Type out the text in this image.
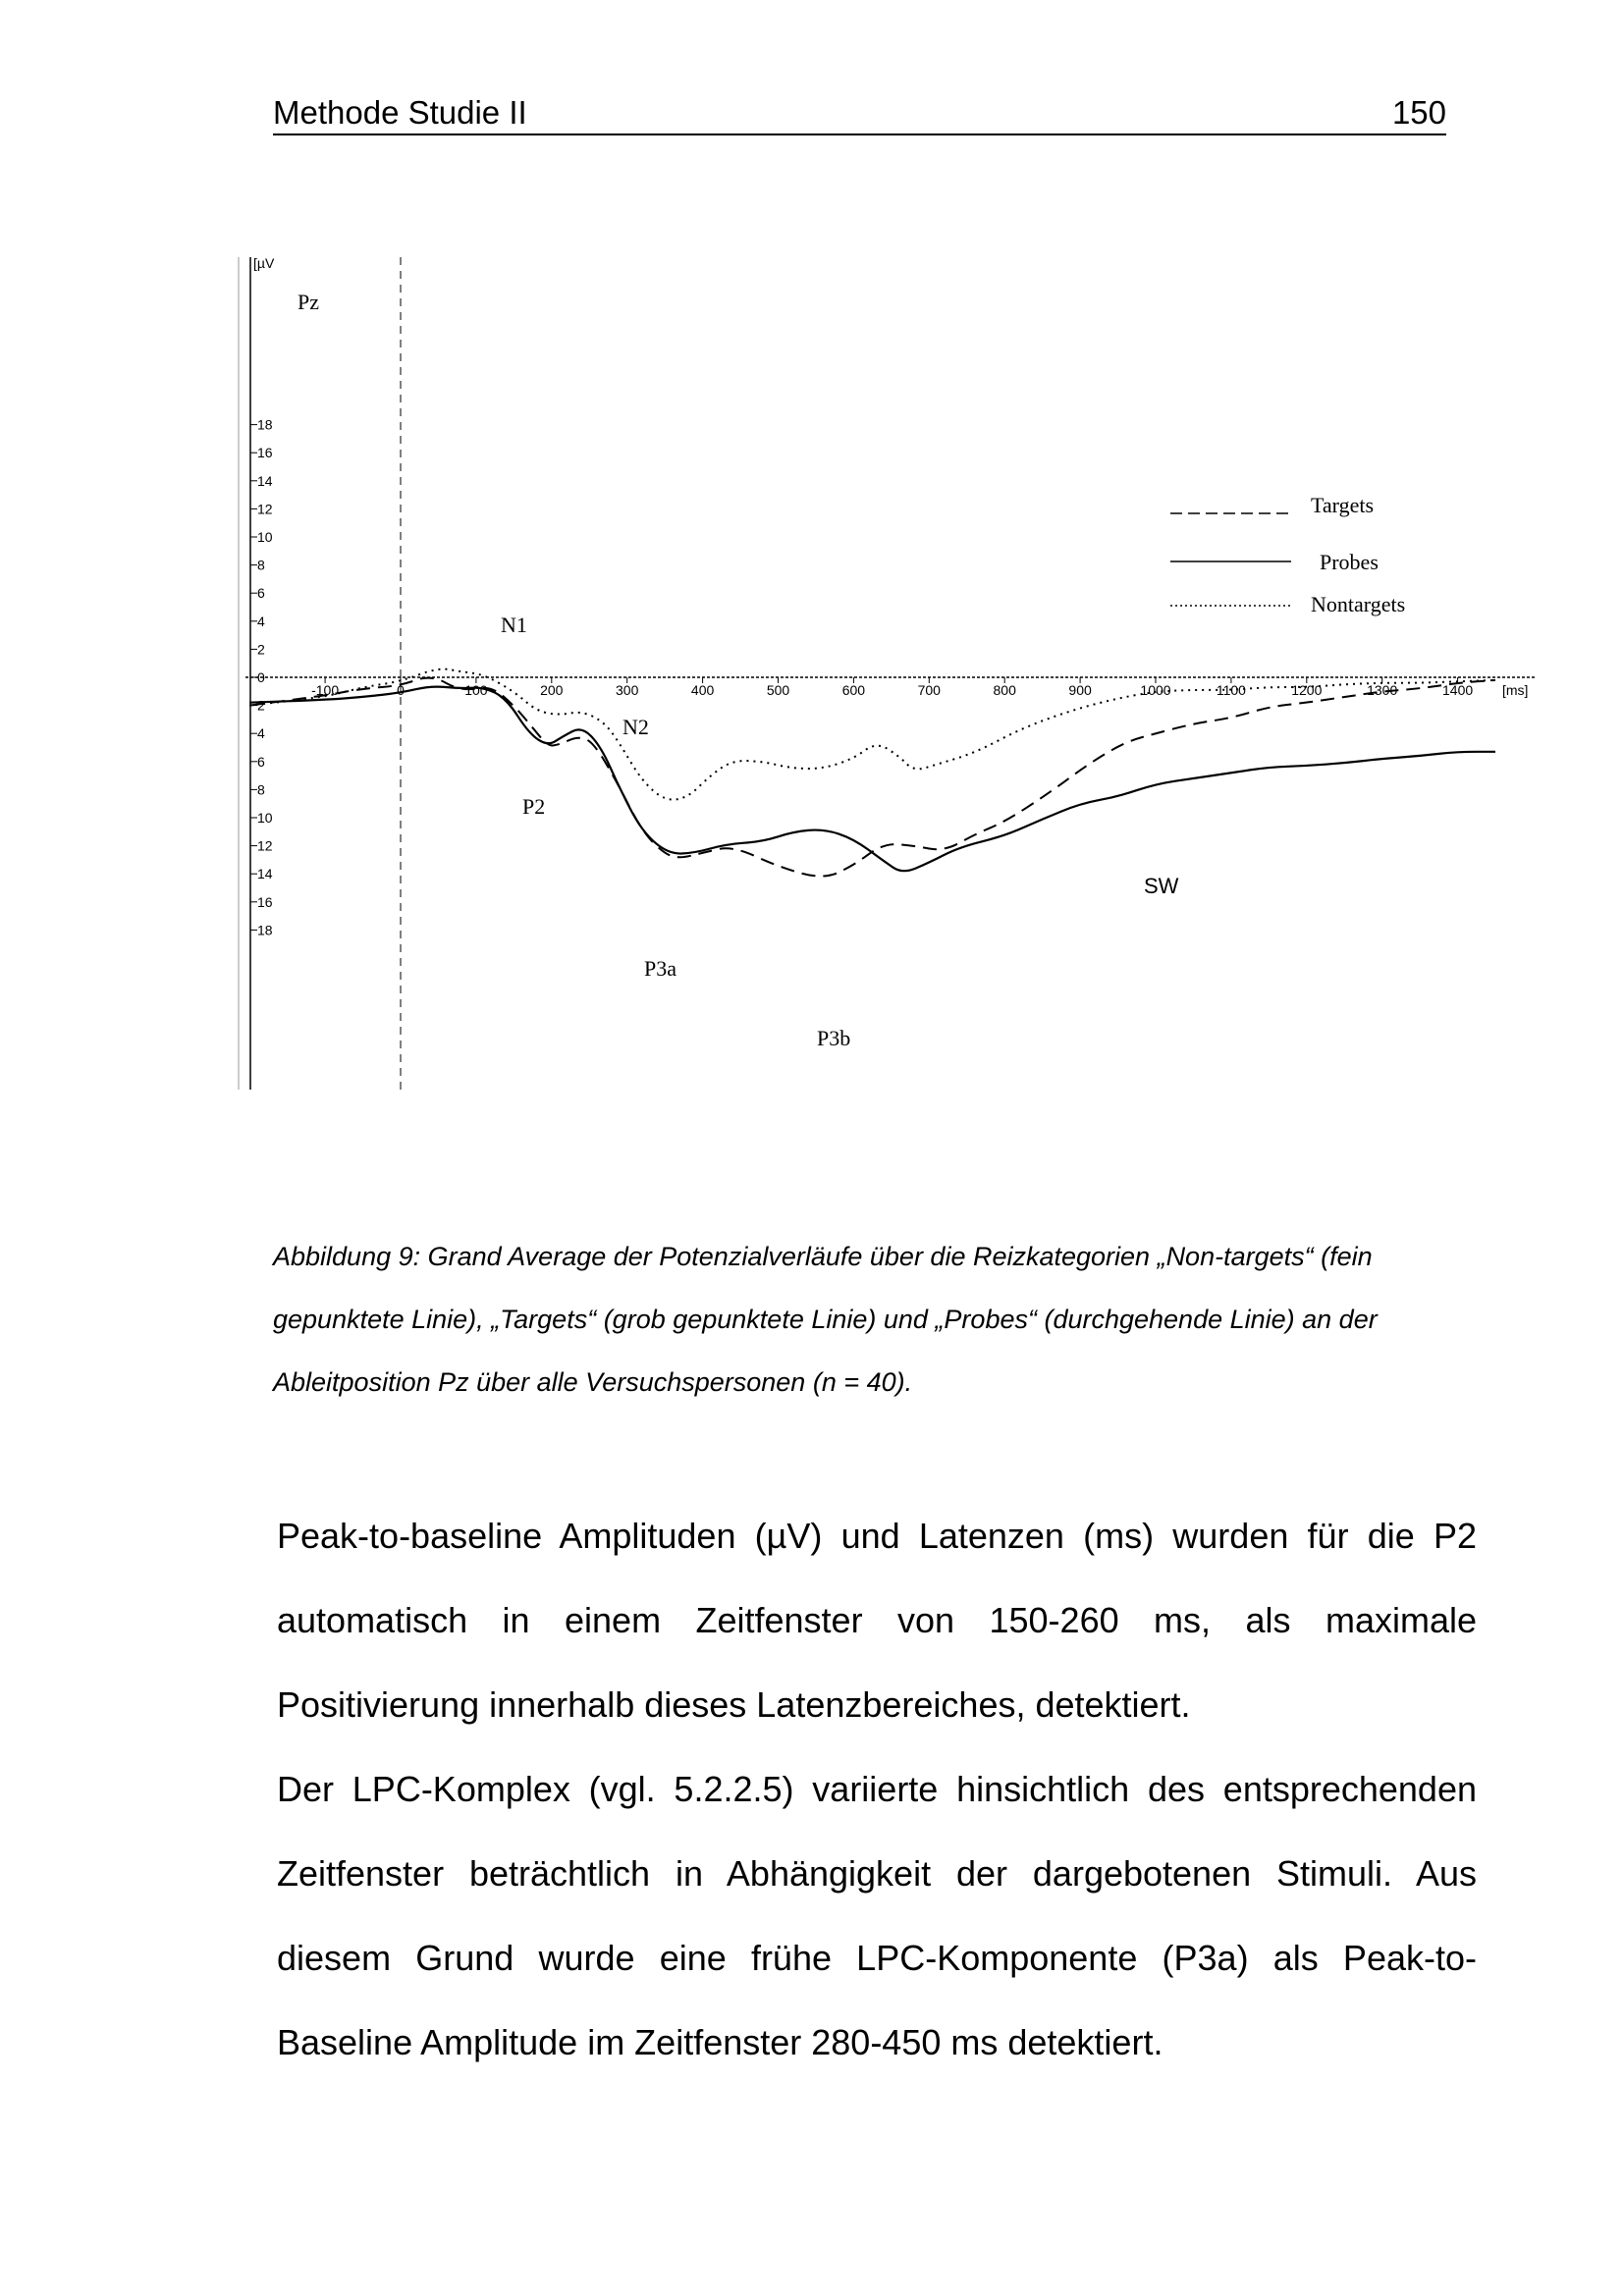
Methode Studie II	150
18
16
14
12
10
8
6
4
2
0
2
4
6
8
10
12
14
16
18
-100	0	100	200	300	400	500	600	700	800	900	1000	1100	1200	1300	1400 [ms]
[µV
Pz
Targets
Probes
Nontargets
N1
N2
P2
P3a
P3b
SW
Abbildung 9: Grand Average der Potenzialverläufe über die Reizkategorien „Non-targets“ (fein gepunktete Linie), „Targets“ (grob gepunktete Linie) und „Probes“ (durchgehende Linie) an der Ableitposition Pz über alle Versuchspersonen (n = 40).
Peak-to-baseline Amplituden (µV) und Latenzen (ms) wurden für die P2 automatisch in einem Zeitfenster von 150-260 ms, als maximale Positivierung innerhalb dieses Latenzbereiches, detektiert.
Der LPC-Komplex (vgl. 5.2.2.5) variierte hinsichtlich des entsprechenden Zeitfenster beträchtlich in Abhängigkeit der dargebotenen Stimuli. Aus diesem Grund wurde eine frühe LPC-Komponente (P3a) als Peak-to-Baseline Amplitude im Zeitfenster 280-450 ms detektiert.
